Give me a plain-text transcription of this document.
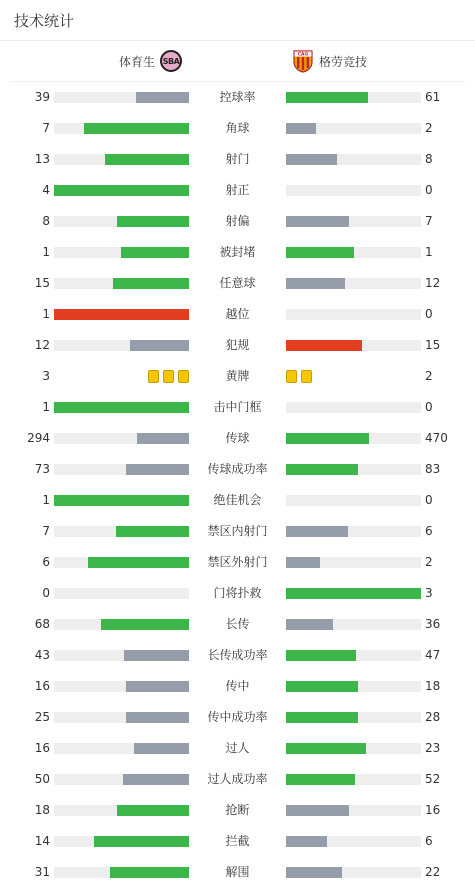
技术统计
体育生 SBA
CAG 格劳竞技
39	控球率	61
7	角球	2
13	射门	8
4	射正	0
8	射偏	7
1	被封堵	1
15	任意球	12
1	越位	0
12	犯规	15
3	黄牌	2
1	击中门框	0
294	传球	470
73	传球成功率	83
1	绝佳机会	0
7	禁区内射门	6
6	禁区外射门	2
0	门将扑救	3
68	长传	36
43	长传成功率	47
16	传中	18
25	传中成功率	28
16	过人	23
50	过人成功率	52
18	抢断	16
14	拦截	6
31	解围	22
